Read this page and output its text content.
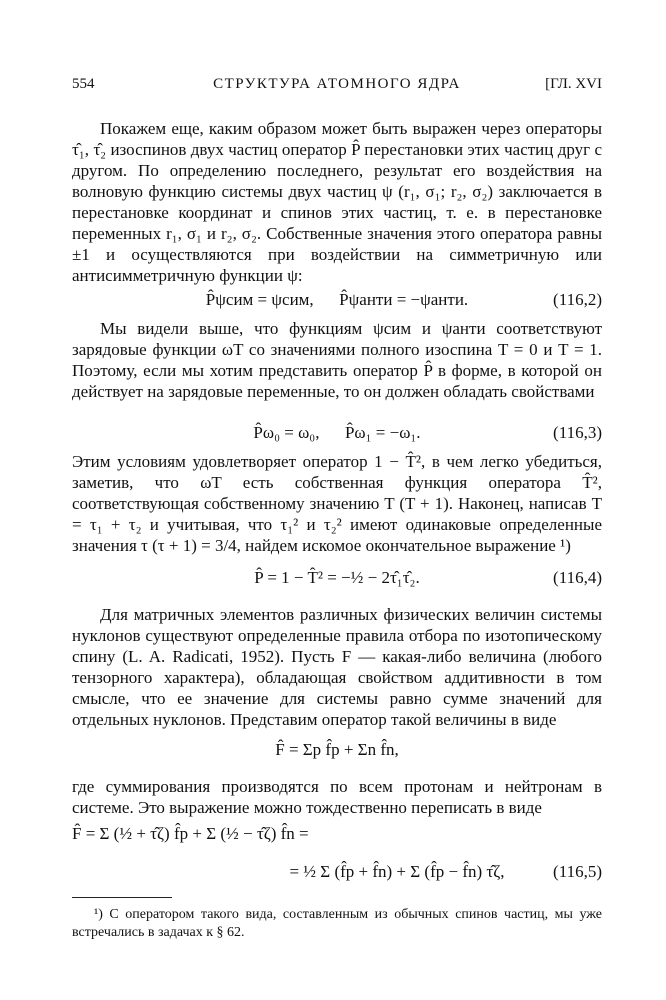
554	СТРУКТУРА АТОМНОГО ЯДРА	[ГЛ. XVI

Покажем еще, каким образом может быть выражен через операторы τ̂₁, τ̂₂ изоспинов двух частиц оператор P̂ перестановки этих частиц друг с другом. По определению последнего, результат его воздействия на волновую функцию системы двух частиц ψ (r₁, σ₁; r₂, σ₂) заключается в перестановке координат и спинов этих частиц, т. е. в перестановке переменных r₁, σ₁ и r₂, σ₂. Собственные значения этого оператора равны ±1 и осуществляются при воздействии на симметричную или антисимметричную функции ψ:

P̂ψсим = ψсим,      P̂ψанти = −ψанти.	(116,2)

Мы видели выше, что функциям ψсим и ψанти соответствуют зарядовые функции ωT со значениями полного изоспина T = 0 и T = 1. Поэтому, если мы хотим представить оператор P̂ в форме, в которой он действует на зарядовые переменные, то он должен обладать свойствами

P̂ω₀ = ω₀,      P̂ω₁ = −ω₁.	(116,3)

Этим условиям удовлетворяет оператор 1 − T̂², в чем легко убедиться, заметив, что ωT есть собственная функция оператора T̂², соответствующая собственному значению T (T + 1). Наконец, написав T = τ₁ + τ₂ и учитывая, что τ₁² и τ₂² имеют одинаковые определенные значения τ (τ + 1) = 3/4, найдем искомое окончательное выражение ¹)

P̂ = 1 − T̂² = −½ − 2τ̂₁τ̂₂.	(116,4)

Для матричных элементов различных физических величин системы нуклонов существуют определенные правила отбора по изотопическому спину (L. A. Radicati, 1952). Пусть F — какая-либо величина (любого тензорного характера), обладающая свойством аддитивности в том смысле, что ее значение для системы равно сумме значений для отдельных нуклонов. Представим оператор такой величины в виде

F̂ = Σp f̂p + Σn f̂n,

где суммирования производятся по всем протонам и нейтронам в системе. Это выражение можно тождественно переписать в виде

F̂ = Σ (½ + τ̂ζ) f̂p + Σ (½ − τ̂ζ) f̂n =
= ½ Σ (f̂p + f̂n) + Σ (f̂p − f̂n) τ̂ζ,	(116,5)

¹) С оператором такого вида, составленным из обычных спинов частиц, мы уже встречались в задачах к § 62.
